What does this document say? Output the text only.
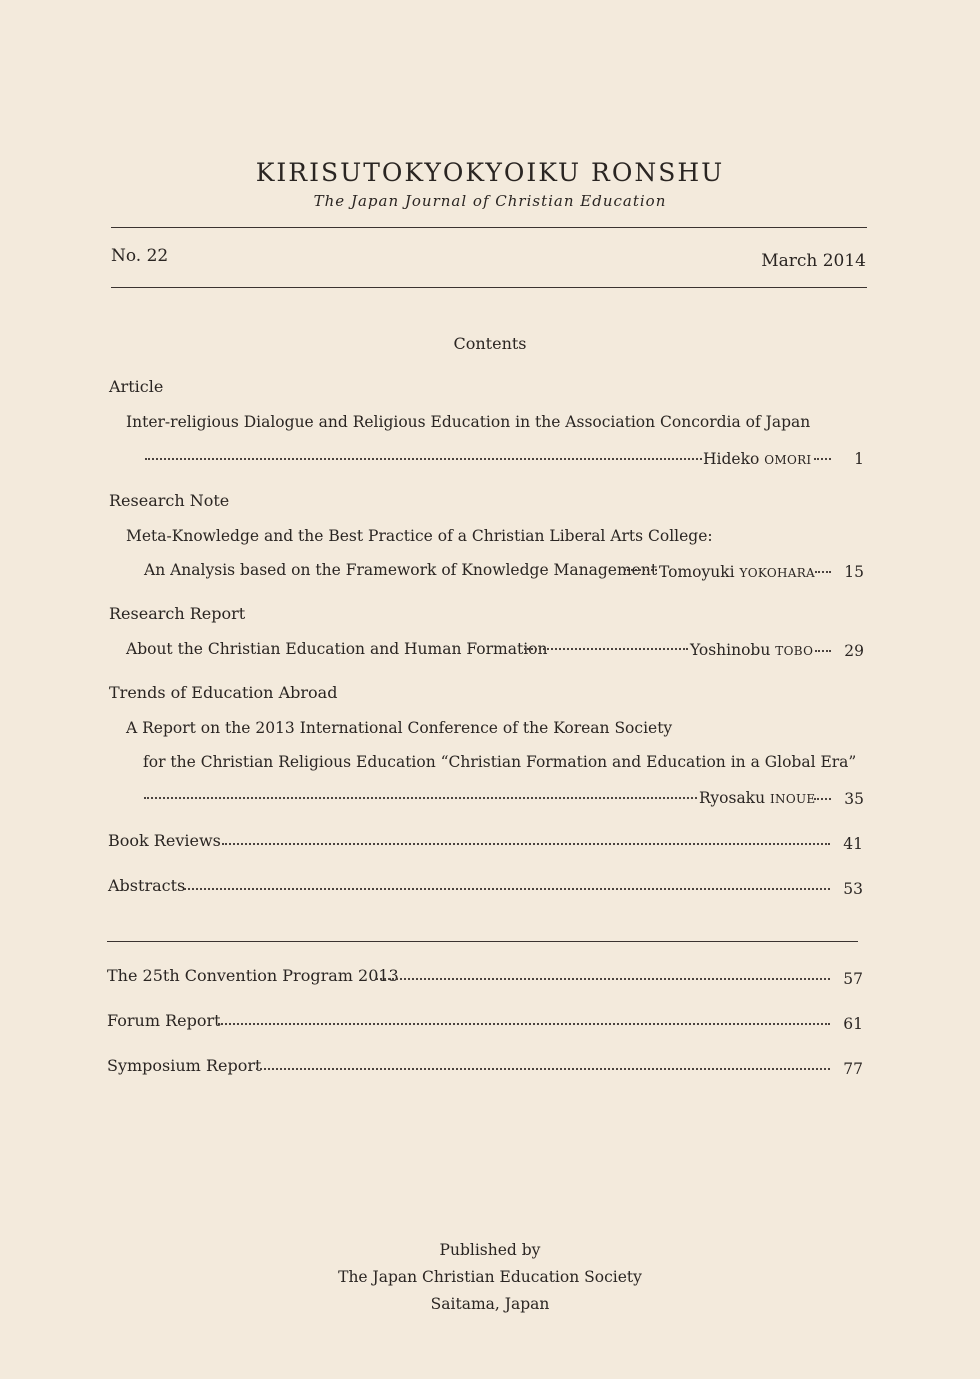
KIRISUTOKYOKYOIKU RONSHU
The Japan Journal of Christian Education
No. 22	March 2014
Contents
Article
Inter-religious Dialogue and Religious Education in the Association Concordia of Japan
Hideko OMORI	1
Research Note
Meta-Knowledge and the Best Practice of a Christian Liberal Arts College:
An Analysis based on the Framework of Knowledge Management Tomoyuki YOKOHARA	15
Research Report
About the Christian Education and Human Formation	Yoshinobu TOBO	29
Trends of Education Abroad
A Report on the 2013 International Conference of the Korean Society
for the Christian Religious Education “Christian Formation and Education in a Global Era”
Ryosaku INOUE	35
Book Reviews	41
Abstracts	53
The 25th Convention Program 2013	57
Forum Report	61
Symposium Report	77
Published by
The Japan Christian Education Society
Saitama, Japan
